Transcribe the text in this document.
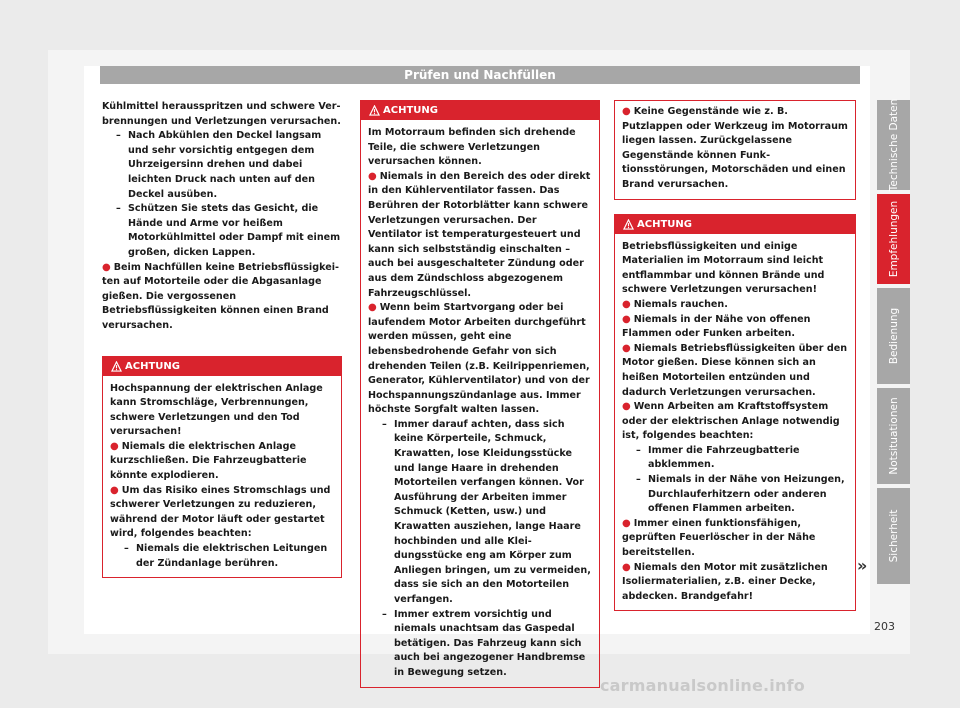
Prüfen und Nachfüllen
Kühlmittel herausspritzen und schwere Verbrennungen und Verletzungen verursachen.
– Nach Abkühlen den Deckel langsam und sehr vorsichtig entgegen dem Uhrzeigersinn drehen und dabei leichten Druck nach unten auf den Deckel ausüben.
– Schützen Sie stets das Gesicht, die Hände und Arme vor heißem Motorkühlmittel oder Dampf mit einem großen, dicken Lappen.
● Beim Nachfüllen keine Betriebsflüssigkeiten auf Motorteile oder die Abgasanlage gießen. Die vergossenen Betriebsflüssigkeiten können einen Brand verursachen.
ACHTUNG
Hochspannung der elektrischen Anlage kann Stromschläge, Verbrennungen, schwere Verletzungen und den Tod verursachen!
● Niemals die elektrischen Anlage kurzschließen. Die Fahrzeugbatterie könnte explodieren.
● Um das Risiko eines Stromschlags und schwerer Verletzungen zu reduzieren, während der Motor läuft oder gestartet wird, folgendes beachten:
– Niemals die elektrischen Leitungen der Zündanlage berühren.
ACHTUNG
Im Motorraum befinden sich drehende Teile, die schwere Verletzungen verursachen können.
● Niemals in den Bereich des oder direkt in den Kühlerventilator fassen. Das Berühren der Rotorblätter kann schwere Verletzungen verursachen. Der Ventilator ist temperaturgesteuert und kann sich selbstständig einschalten – auch bei ausgeschalteter Zündung oder aus dem Zündschloss abgezogenem Fahrzeugschlüssel.
● Wenn beim Startvorgang oder bei laufendem Motor Arbeiten durchgeführt werden müssen, geht eine lebensbedrohende Gefahr von sich drehenden Teilen (z.B. Keilrippenriemen, Generator, Kühlerventilator) und von der Hochspannungszündanlage aus. Immer höchste Sorgfalt walten lassen.
– Immer darauf achten, dass sich keine Körperteile, Schmuck, Krawatten, lose Kleidungsstücke und lange Haare in drehenden Motorteilen verfangen können. Vor Ausführung der Arbeiten immer Schmuck (Ketten, usw.) und Krawatten ausziehen, lange Haare hochbinden und alle Kleidungsstücke eng am Körper zum Anliegen bringen, um zu vermeiden, dass sie sich an den Motorteilen verfangen.
– Immer extrem vorsichtig und niemals unachtsam das Gaspedal betätigen. Das Fahrzeug kann sich auch bei angezogener Handbremse in Bewegung setzen.
● Keine Gegenstände wie z. B. Putzlappen oder Werkzeug im Motorraum liegen lassen. Zurückgelassene Gegenstände können Funktionsstörungen, Motorschäden und einen Brand verursachen.
ACHTUNG
Betriebsflüssigkeiten und einige Materialien im Motorraum sind leicht entflammbar und können Brände und schwere Verletzungen verursachen!
● Niemals rauchen.
● Niemals in der Nähe von offenen Flammen oder Funken arbeiten.
● Niemals Betriebsflüssigkeiten über den Motor gießen. Diese können sich an heißen Motorteilen entzünden und dadurch Verletzungen verursachen.
● Wenn Arbeiten am Kraftstoffsystem oder der elektrischen Anlage notwendig ist, folgendes beachten:
– Immer die Fahrzeugbatterie abklemmen.
– Niemals in der Nähe von Heizungen, Durchlauferhitzern oder anderen offenen Flammen arbeiten.
● Immer einen funktionsfähigen, geprüften Feuerlöscher in der Nähe bereitstellen.
● Niemals den Motor mit zusätzlichen Isoliermaterialien, z.B. einer Decke, abdecken. Brandgefahr!
»
Technische Daten
Empfehlungen
Bedienung
Notsituationen
Sicherheit
203
carmanualsonline.info
